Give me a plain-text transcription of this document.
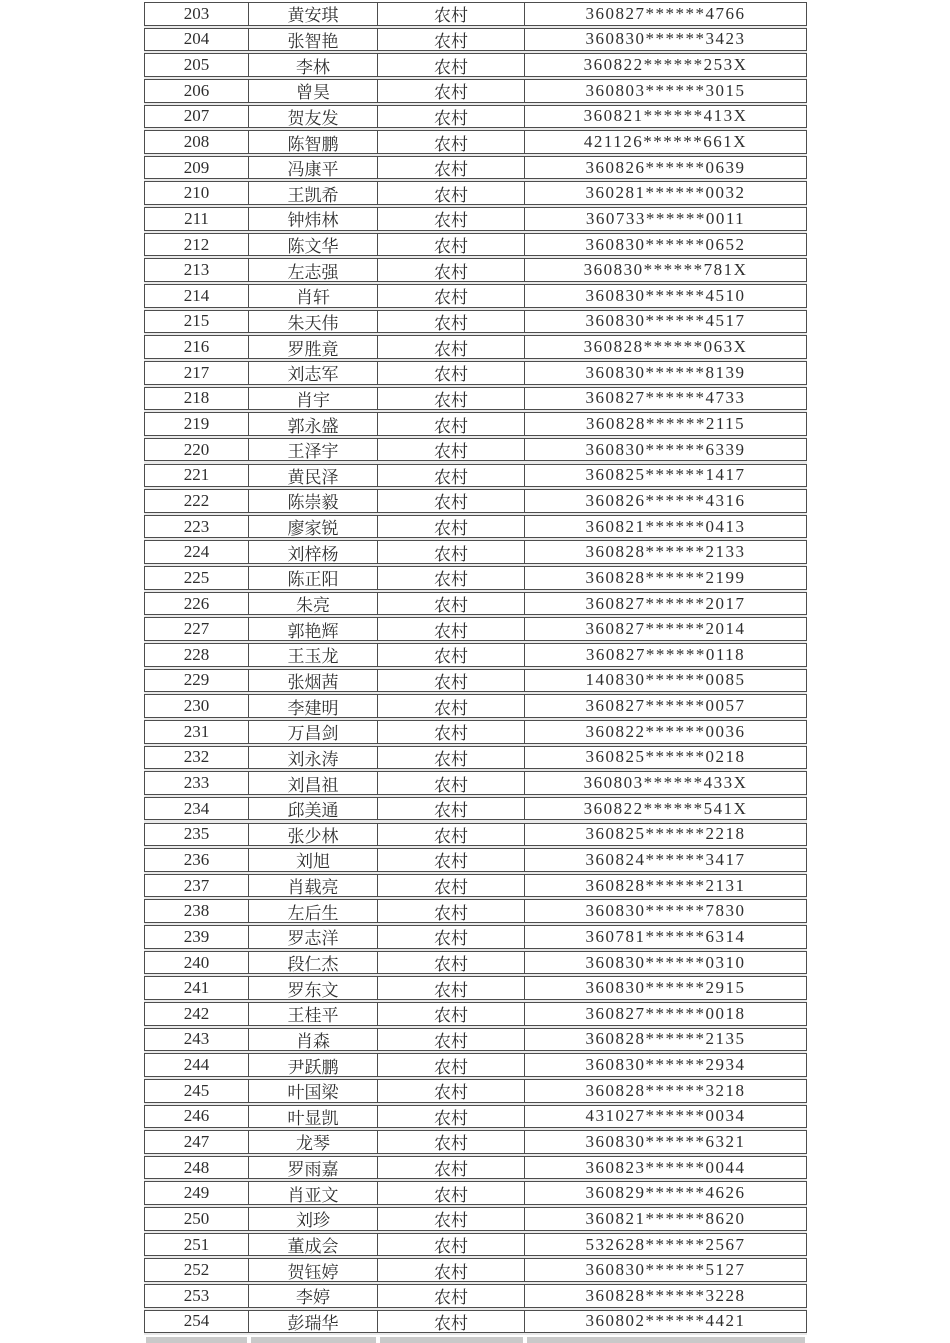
203	黄安琪	农村	360827******4766
204	张智艳	农村	360830******3423
205	李林	农村	360822******253X
206	曾昊	农村	360803******3015
207	贺友发	农村	360821******413X
208	陈智鹏	农村	421126******661X
209	冯康平	农村	360826******0639
210	王凯希	农村	360281******0032
211	钟炜林	农村	360733******0011
212	陈文华	农村	360830******0652
213	左志强	农村	360830******781X
214	肖轩	农村	360830******4510
215	朱天伟	农村	360830******4517
216	罗胜竟	农村	360828******063X
217	刘志军	农村	360830******8139
218	肖宇	农村	360827******4733
219	郭永盛	农村	360828******2115
220	王泽宇	农村	360830******6339
221	黄民泽	农村	360825******1417
222	陈崇毅	农村	360826******4316
223	廖家锐	农村	360821******0413
224	刘梓杨	农村	360828******2133
225	陈正阳	农村	360828******2199
226	朱亮	农村	360827******2017
227	郭艳辉	农村	360827******2014
228	王玉龙	农村	360827******0118
229	张烟茜	农村	140830******0085
230	李建明	农村	360827******0057
231	万昌剑	农村	360822******0036
232	刘永涛	农村	360825******0218
233	刘昌祖	农村	360803******433X
234	邱美通	农村	360822******541X
235	张少林	农村	360825******2218
236	刘旭	农村	360824******3417
237	肖载亮	农村	360828******2131
238	左后生	农村	360830******7830
239	罗志洋	农村	360781******6314
240	段仁杰	农村	360830******0310
241	罗东文	农村	360830******2915
242	王桂平	农村	360827******0018
243	肖森	农村	360828******2135
244	尹跃鹏	农村	360830******2934
245	叶国梁	农村	360828******3218
246	叶显凯	农村	431027******0034
247	龙琴	农村	360830******6321
248	罗雨嘉	农村	360823******0044
249	肖亚文	农村	360829******4626
250	刘珍	农村	360821******8620
251	董成会	农村	532628******2567
252	贺钰婷	农村	360830******5127
253	李婷	农村	360828******3228
254	彭瑞华	农村	360802******4421
